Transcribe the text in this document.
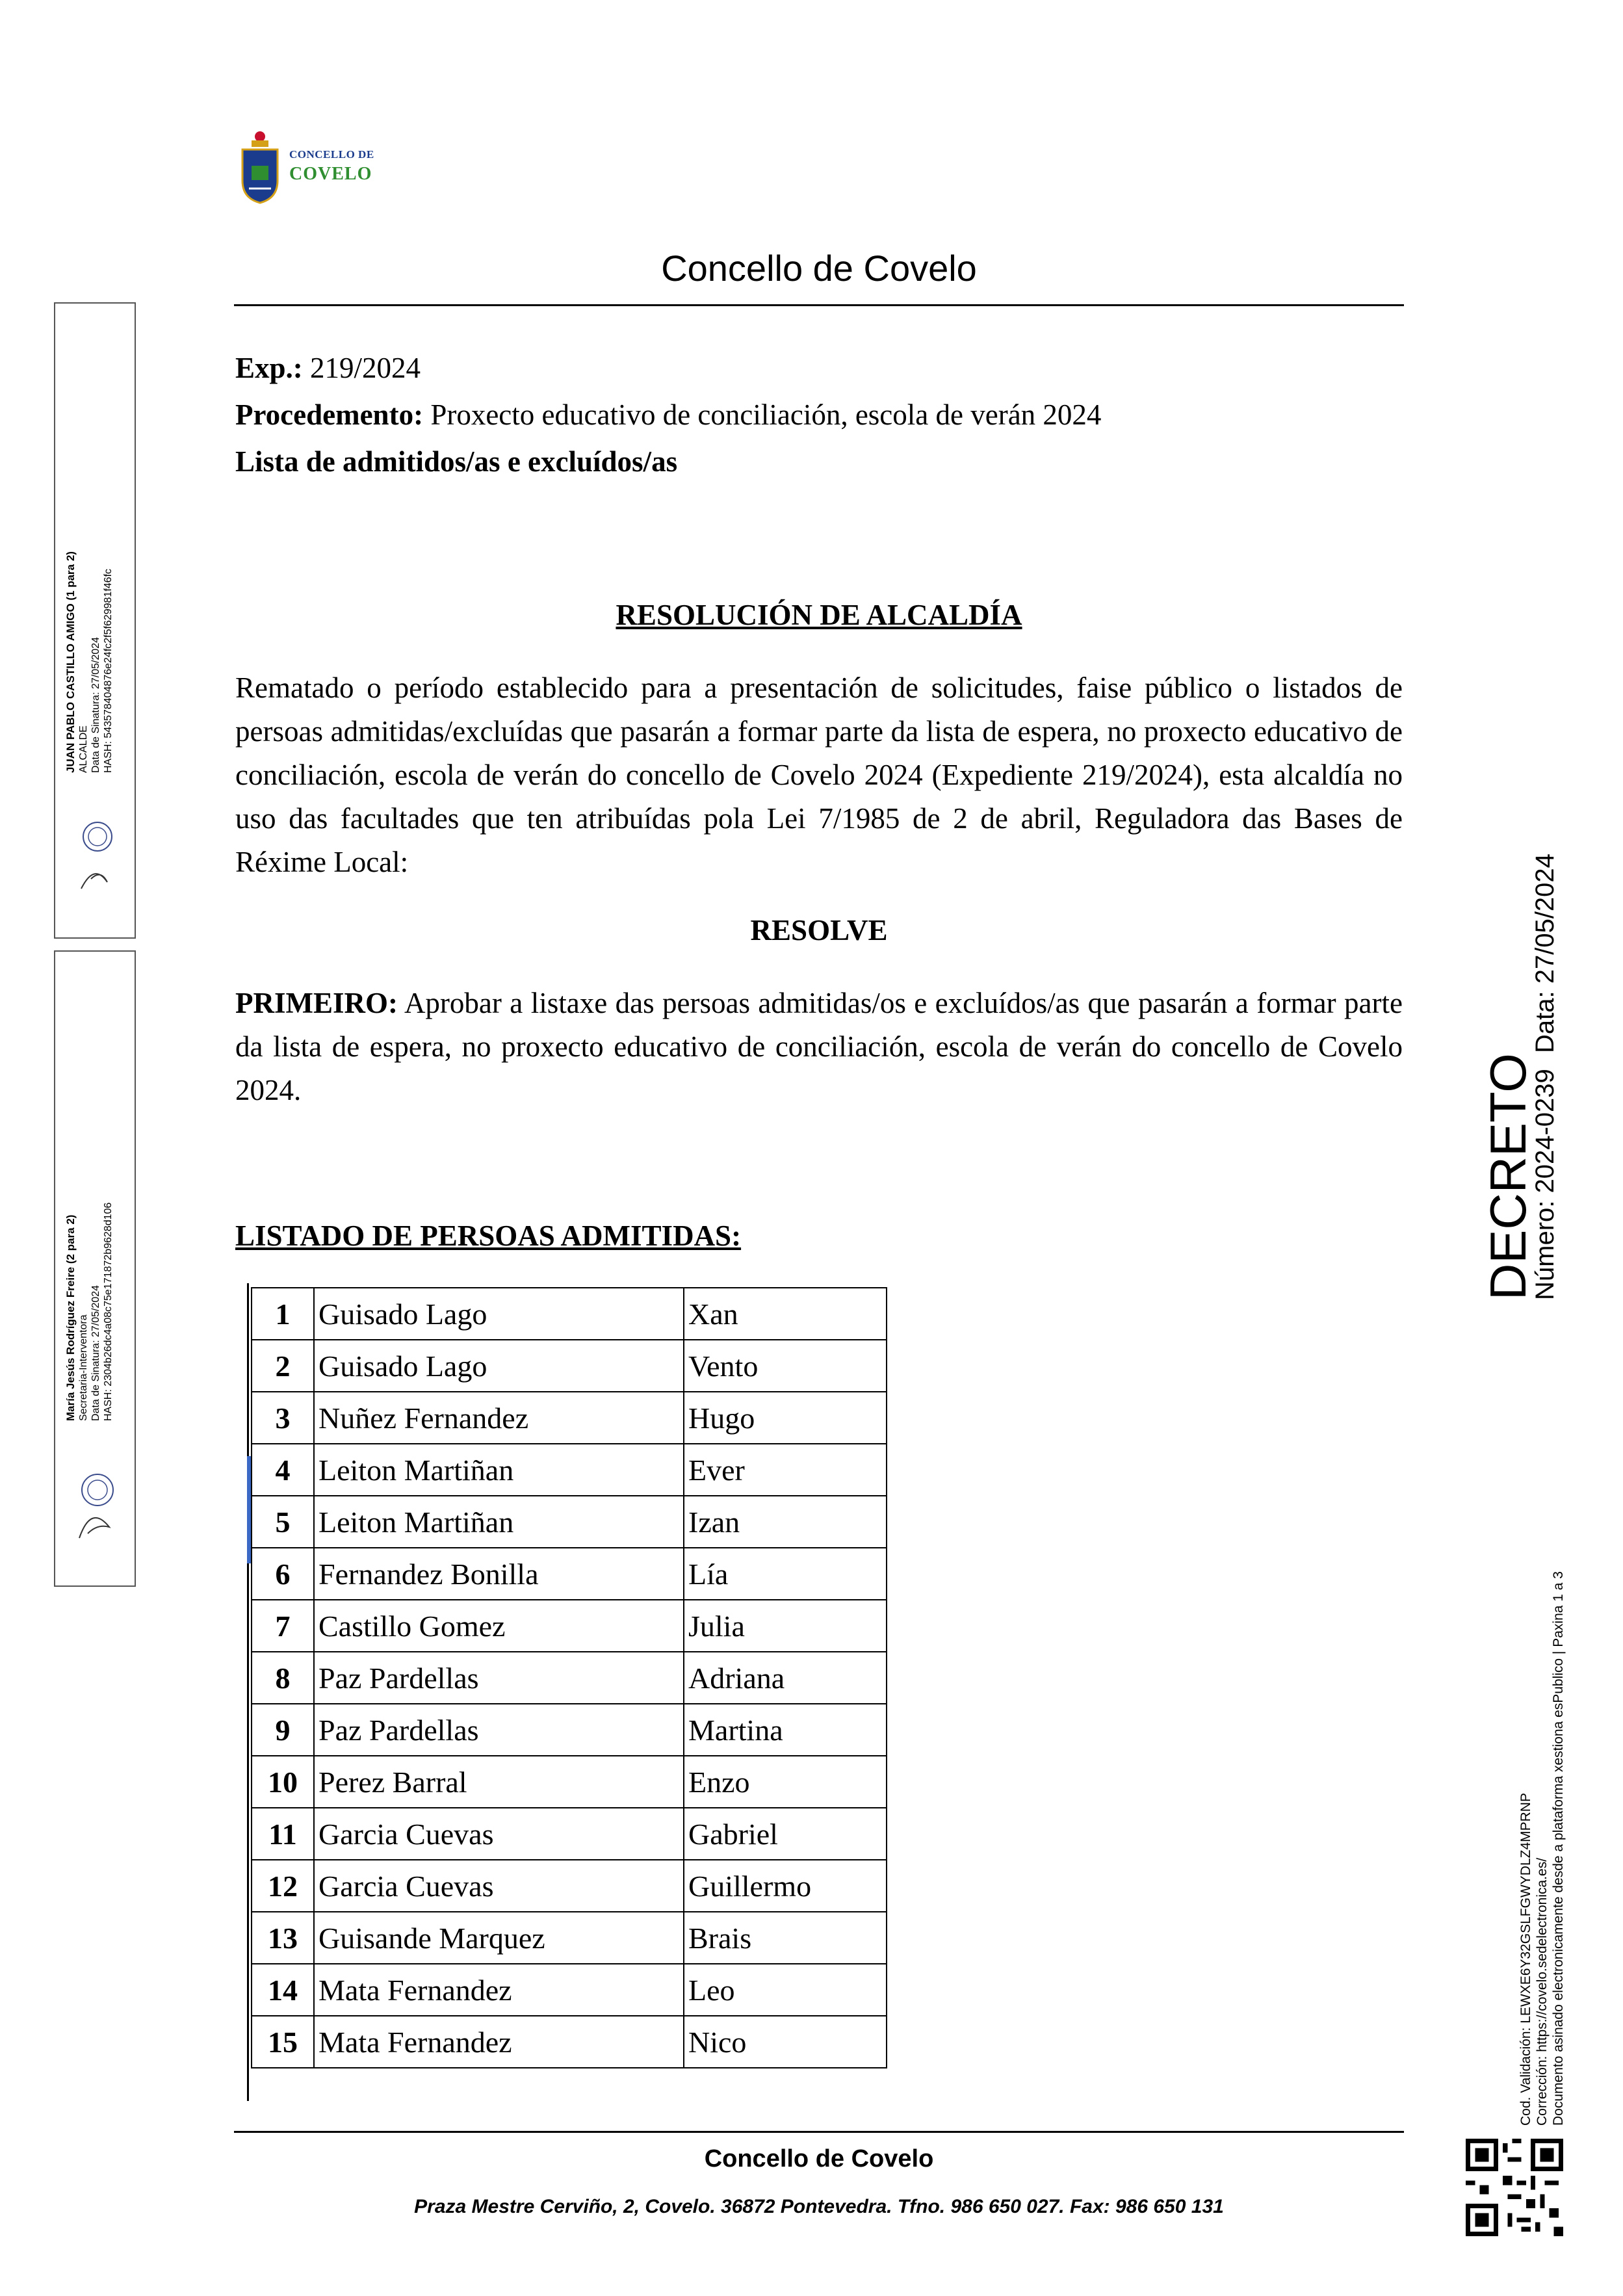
CONCELLO DE
COVELO
Concello de Covelo
Exp.: 219/2024
Procedemento: Proxecto educativo de conciliación, escola de verán 2024
Lista de admitidos/as e excluídos/as
RESOLUCIÓN DE ALCALDÍA
Rematado o período establecido para a presentación de solicitudes, faise público o listados de persoas admitidas/excluídas que pasarán a formar parte da lista de espera, no proxecto educativo de conciliación, escola de verán do concello de Covelo 2024 (Expediente 219/2024), esta alcaldía no uso das facultades que ten atribuídas pola Lei 7/1985 de 2 de abril, Reguladora das Bases de Réxime Local:
RESOLVE
PRIMEIRO: Aprobar a listaxe das persoas admitidas/os e excluídos/as que pasarán a formar parte da lista de espera, no proxecto educativo de conciliación, escola de verán do concello de Covelo 2024.
LISTADO DE PERSOAS ADMITIDAS:
1	Guisado Lago	Xan
2	Guisado Lago	Vento
3	Nuñez Fernandez	Hugo
4	Leiton Martiñan	Ever
5	Leiton Martiñan	Izan
6	Fernandez Bonilla	Lía
7	Castillo Gomez	Julia
8	Paz Pardellas	Adriana
9	Paz Pardellas	Martina
10	Perez Barral	Enzo
11	Garcia Cuevas	Gabriel
12	Garcia Cuevas	Guillermo
13	Guisande Marquez	Brais
14	Mata Fernandez	Leo
15	Mata Fernandez	Nico
Concello de Covelo
Praza Mestre Cerviño, 2, Covelo. 36872 Pontevedra. Tfno. 986 650 027. Fax: 986 650 131
JUAN PABLO CASTILLO AMIGO (1 para 2) ALCALDE Data de Sinatura: 27/05/2024 HASH: 543578404876e24fc2f5f629981f46fc
María Jesús Rodríguez Freire (2 para 2) Secretaria-Interventora Data de Sinatura: 27/05/2024 HASH: 2304b26dc4a08c75e171872b9628d106
DECRETO
Número: 2024-0239
Data: 27/05/2024
Cod. Validación: LEWXE6Y32GSLFGWYDLZ4MPRNP Corrección: https://covelo.sedelectronica.es/ Documento asinado electronicamente desde a plataforma xestiona esPublico | Paxina 1 a 3
